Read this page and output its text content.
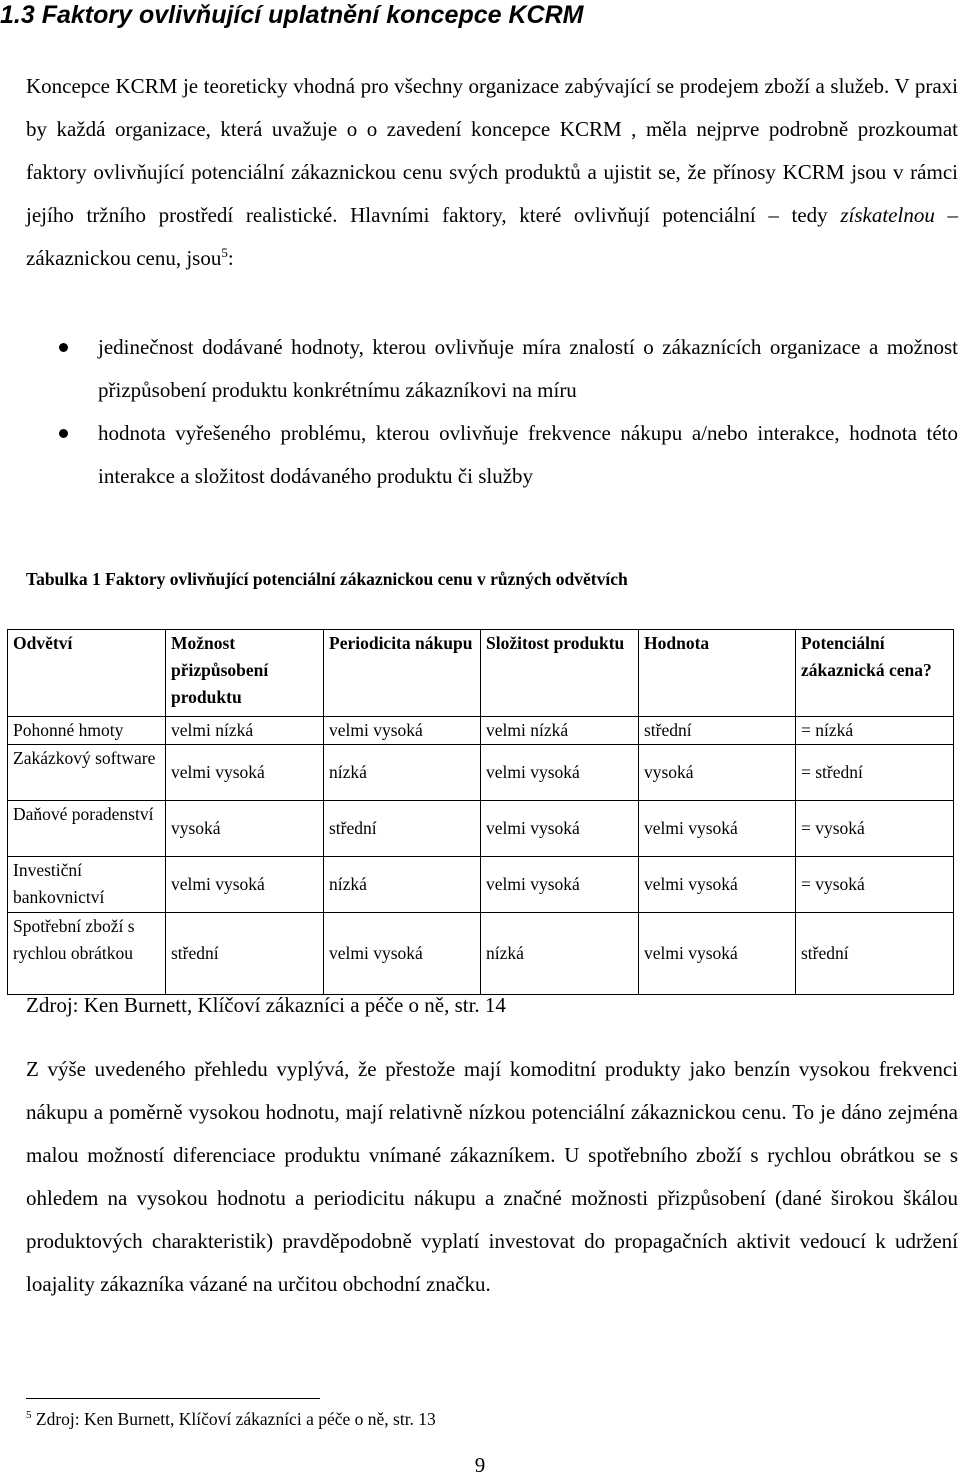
1.3 Faktory ovlivňující uplatnění koncepce KCRM

Koncepce KCRM je teoreticky vhodná pro všechny organizace zabývající se prodejem zboží a služeb. V praxi by každá organizace, která uvažuje o o zavedení koncepce KCRM , měla nejprve podrobně prozkoumat faktory ovlivňující potenciální zákaznickou cenu svých produktů a ujistit se, že přínosy KCRM jsou v rámci jejího tržního prostředí realistické. Hlavními faktory, které ovlivňují potenciální – tedy získatelnou – zákaznickou cenu, jsou$^5$:

jedinečnost dodávané hodnoty, kterou ovlivňuje míra znalostí o zákaznících organizace a možnost přizpůsobení produktu konkrétnímu zákazníkovi na míru
hodnota vyřešeného problému, kterou ovlivňuje frekvence nákupu a/nebo interakce, hodnota této interakce a složitost dodávaného produktu či služby

Tabulka 1 Faktory ovlivňující potenciální zákaznickou cenu v různých odvětvích

Odvětví	Možnost přizpůsobení produktu	Periodicita nákupu	Složitost produktu	Hodnota	Potenciální zákaznická cena?
Pohonné hmoty	velmi nízká	velmi vysoká	velmi nízká	střední	= nízká
Zakázkový software	velmi vysoká	nízká	velmi vysoká	vysoká	= střední
Daňové poradenství	vysoká	střední	velmi vysoká	velmi vysoká	= vysoká
Investiční bankovnictví	velmi vysoká	nízká	velmi vysoká	velmi vysoká	= vysoká
Spotřební zboží s rychlou obrátkou	střední	velmi vysoká	nízká	velmi vysoká	střední

Zdroj: Ken Burnett, Klíčoví zákazníci a péče o ně, str. 14

Z výše uvedeného přehledu vyplývá, že přestože mají komoditní produkty jako benzín vysokou frekvenci nákupu a poměrně vysokou hodnotu, mají relativně nízkou potenciální zákaznickou cenu. To je dáno zejména malou možností diferenciace produktu vnímané zákazníkem. U spotřebního zboží s rychlou obrátkou se s ohledem na vysokou hodnotu a periodicitu nákupu a značné možnosti přizpůsobení (dané širokou škálou produktových charakteristik) pravděpodobně vyplatí investovat do propagačních aktivit vedoucí k udržení loajality zákazníka vázané na určitou obchodní značku.

$^5$ Zdroj: Ken Burnett, Klíčoví zákazníci a péče o ně, str. 13

9
